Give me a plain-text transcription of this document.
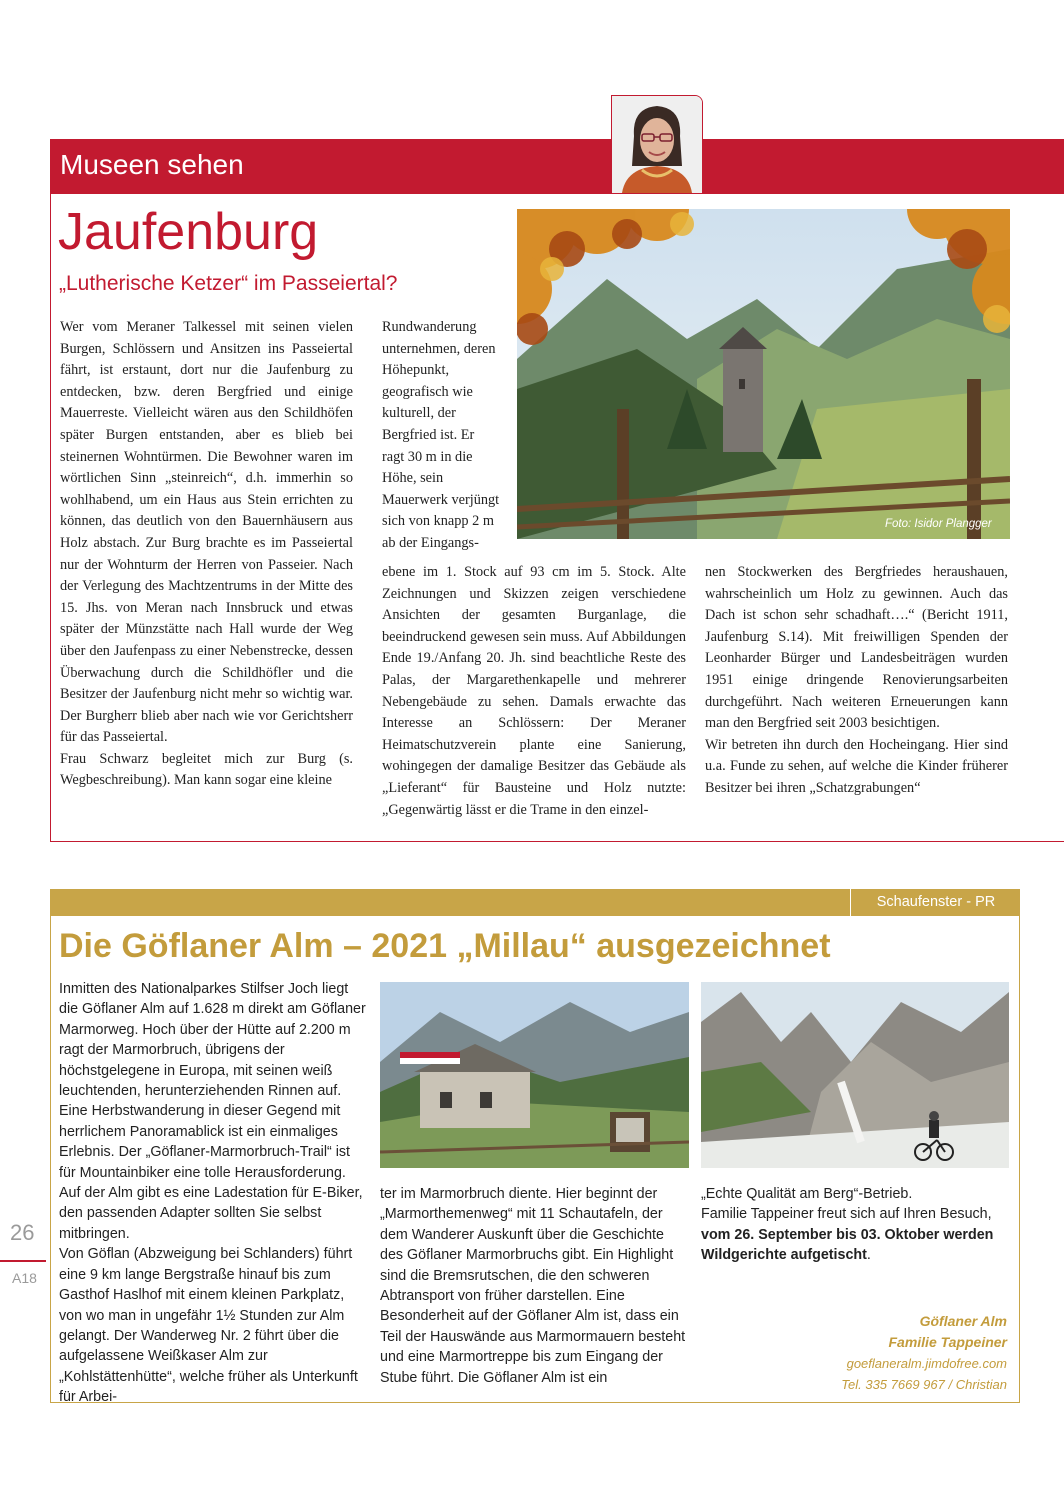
Museen sehen
Jaufenburg
„Lutherische Ketzer“ im Passeiertal?
Foto: Isidor Plangger

Wer vom Meraner Talkessel mit seinen vielen Burgen, Schlössern und Ansitzen ins Passeiertal fährt, ist erstaunt, dort nur die Jaufenburg zu entdecken, bzw. deren Bergfried und einige Mauerreste. Vielleicht wären aus den Schildhöfen später Burgen entstanden, aber es blieb bei steinernen Wohntürmen. Die Bewohner waren im wörtlichen Sinn „steinreich“, d.h. immerhin so wohlhabend, um ein Haus aus Stein errichten zu können, das deutlich von den Bauernhäusern aus Holz abstach. Zur Burg brachte es im Passeiertal nur der Wohnturm der Herren von Passeier. Nach der Verlegung des Machtzentrums in der Mitte des 15. Jhs. von Meran nach Innsbruck und etwas später der Münzstätte nach Hall wurde der Weg über den Jaufenpass zu einer Nebenstrecke, dessen Überwachung durch die Schildhöfler und die Besitzer der Jaufenburg nicht mehr so wichtig war. Der Burgherr blieb aber nach wie vor Gerichtsherr für das Passeiertal.

Frau Schwarz begleitet mich zur Burg (s. Wegbeschreibung). Man kann sogar eine kleine

Rundwanderung unternehmen, deren Höhepunkt, geografisch wie kulturell, der Bergfried ist. Er ragt 30 m in die Höhe, sein Mauerwerk verjüngt sich von knapp 2 m ab der Eingangs-

ebene im 1. Stock auf 93 cm im 5. Stock. Alte Zeichnungen und Skizzen zeigen verschiedene Ansichten der gesamten Burganlage, die beeindruckend gewesen sein muss. Auf Abbildungen Ende 19./Anfang 20. Jh. sind beachtliche Reste des Palas, der Margarethenkapelle und mehrerer Nebengebäude zu sehen. Damals erwachte das Interesse an Schlössern: Der Meraner Heimatschutzverein plante eine Sanierung, wohingegen der damalige Besitzer das Gebäude als „Lieferant“ für Bausteine und Holz nutzte: „Gegenwärtig lässt er die Trame in den einzel-

nen Stockwerken des Bergfriedes heraushauen, wahrscheinlich um Holz zu gewinnen. Auch das Dach ist schon sehr schadhaft….“ (Bericht 1911, Jaufenburg S.14). Mit freiwilligen Spenden der Leonharder Bürger und Landesbeiträgen wurden 1951 einige dringende Renovierungsarbeiten durchgeführt. Nach weiteren Erneuerungen kann man den Bergfried seit 2003 besichtigen.

Wir betreten ihn durch den Hocheingang. Hier sind u.a. Funde zu sehen, auf welche die Kinder früherer Besitzer bei ihren „Schatzgrabungen“

Schaufenster - PR
Die Göflaner Alm – 2021 „Millau“ ausgezeichnet

Inmitten des Nationalparkes Stilfser Joch liegt die Göflaner Alm auf 1.628 m direkt am Göflaner Marmorweg. Hoch über der Hütte auf 2.200 m ragt der Marmorbruch, übrigens der höchstgelegene in Europa, mit seinen weiß leuchtenden, herunterziehenden Rinnen auf. Eine Herbstwanderung in dieser Gegend mit herrlichem Panoramablick ist ein einmaliges Erlebnis. Der „Göflaner-Marmorbruch-Trail“ ist für Mountainbiker eine tolle Herausforderung. Auf der Alm gibt es eine Ladestation für E-Biker, den passenden Adapter sollten Sie selbst mitbringen.

Von Göflan (Abzweigung bei Schlanders) führt eine 9 km lange Bergstraße hinauf bis zum Gasthof Haslhof mit einem kleinen Parkplatz, von wo man in ungefähr 1½ Stunden zur Alm gelangt. Der Wanderweg Nr. 2 führt über die aufgelassene Weißkaser Alm zur „Kohlstättenhütte“, welche früher als Unterkunft für Arbei-

ter im Marmorbruch diente. Hier beginnt der „Marmorthemenweg“ mit 11 Schautafeln, der dem Wanderer Auskunft über die Geschichte des Göflaner Marmorbruchs gibt. Ein Highlight sind die Bremsrutschen, die den schweren Abtransport von früher darstellen. Eine Besonderheit auf der Göflaner Alm ist, dass ein Teil der Hauswände aus Marmormauern besteht und eine Marmortreppe bis zum Eingang der Stube führt. Die Göflaner Alm ist ein

„Echte Qualität am Berg“-Betrieb.
Familie Tappeiner freut sich auf Ihren Besuch,
vom 26. September bis 03. Oktober werden Wildgerichte aufgetischt.

Göflaner Alm
Familie Tappeiner
goeflaneralm.jimdofree.com
Tel. 335 7669 967 / Christian
26
A18
